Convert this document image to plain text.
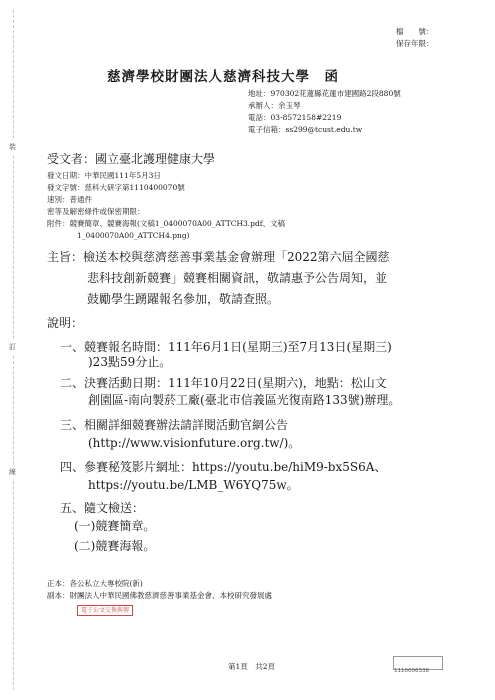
裝
訂
線
檔　　號：
保存年限：
慈濟學校財團法人慈濟科技大學　函
地址：970302花蓮縣花蓮市建國路2段880號
承辦人：余玉琴
電話：03-8572158#2219
電子信箱：ss299@tcust.edu.tw
受文者：國立臺北護理健康大學
發文日期：中華民國111年5月3日
發文字號：慈科大研字第1110400070號
速別：普通件
密等及解密條件或保密期限：
附件：競賽簡章、競賽海報(文稿1_0400070A00_ATTCH3.pdf、文稿
1_0400070A00_ATTCH4.png)
主旨：檢送本校與慈濟慈善事業基金會辦理「2022第六屆全國慈
悲科技創新競賽」競賽相關資訊，敬請惠予公告周知，並
鼓勵學生踴躍報名參加，敬請查照。
說明：
一、競賽報名時間：111年6月1日(星期三)至7月13日(星期三)
)23點59分止。
二、決賽活動日期：111年10月22日(星期六)，地點：松山文
創園區-南向製菸工廠(臺北市信義區光復南路133號)辦理。
三、相關詳細競賽辦法請詳閱活動官網公告
(http://www.visionfuture.org.tw/)。
四、參賽秘笈影片網址：https://youtu.be/hiM9-bx5S6A、
https://youtu.be/LMB_W6YQ75w。
五、隨文檢送：
(一)競賽簡章。
(二)競賽海報。
正本：各公私立大專校院(新)
副本：財團法人中華民國佛教慈濟慈善事業基金會、本校研究發展處
電子公文交換與傳
第1頁　共2頁	1110006338
